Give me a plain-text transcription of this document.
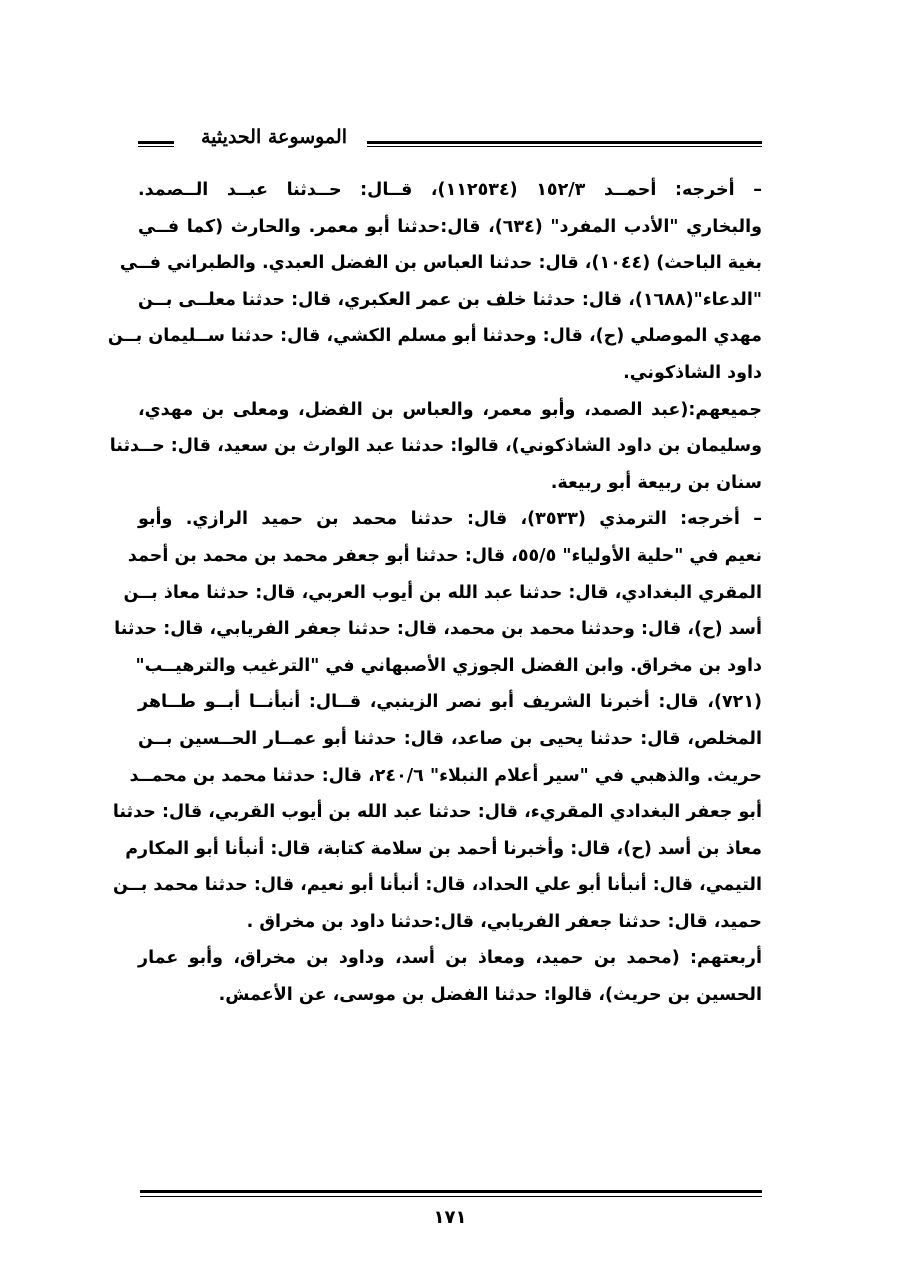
الموسوعة الحديثية
– أخرجه: أحمــد ١٥٢/٣ (١١٢٥٣٤)، قــال: حــدثنا عبــد الــصمد.
والبخاري "الأدب المفرد" (٦٣٤)، قال:حدثنا أبو معمر. والحارث (كما فــي
بغية الباحث) (١٠٤٤)، قال: حدثنا العباس بن الفضل العبدي. والطبراني فــي
"الدعاء"(١٦٨٨)، قال: حدثنا خلف بن عمر العكبري، قال: حدثنا معلــى بــن
مهدي الموصلي (ح)، قال: وحدثنا أبو مسلم الكشي، قال: حدثنا ســليمان بــن
داود الشاذكوني.
جميعهم:(عبد الصمد، وأبو معمر، والعباس بن الفضل، ومعلى بن مهدي،
وسليمان بن داود الشاذكوني)، قالوا: حدثنا عبد الوارث بن سعيد، قال: حــدثنا
سنان بن ربيعة أبو ربيعة.
– أخرجه: الترمذي (٣٥٣٣)، قال: حدثنا محمد بن حميد الرازي. وأبو
نعيم في "حلية الأولياء" ٥٥/٥، قال: حدثنا أبو جعفر محمد بن محمد بن أحمد
المقري البغدادي، قال: حدثنا عبد الله بن أيوب العربي، قال: حدثنا معاذ بــن
أسد (ح)، قال: وحدثنا محمد بن محمد، قال: حدثنا جعفر الفريابي، قال: حدثنا
داود بن مخراق. وابن الفضل الجوزي الأصبهاني في "الترغيب والترهيــب"
(٧٢١)، قال: أخبرنا الشريف أبو نصر الزينبي، قــال: أنبأنــا أبــو طــاهر
المخلص، قال: حدثنا يحيى بن صاعد، قال: حدثنا أبو عمــار الحــسين بــن
حريث. والذهبي في "سير أعلام النبلاء" ٢٤٠/٦، قال: حدثنا محمد بن محمــد
أبو جعفر البغدادي المقريء، قال: حدثنا عبد الله بن أيوب القربي، قال: حدثنا
معاذ بن أسد (ح)، قال: وأخبرنا أحمد بن سلامة كتابة، قال: أنبأنا أبو المكارم
التيمي، قال: أنبأنا أبو علي الحداد، قال: أنبأنا أبو نعيم، قال: حدثنا محمد بــن
حميد، قال: حدثنا جعفر الفريابي، قال:حدثنا داود بن مخراق .
أربعتهم: (محمد بن حميد، ومعاذ بن أسد، وداود بن مخراق، وأبو عمار
الحسين بن حريث)، قالوا: حدثنا الفضل بن موسى، عن الأعمش.
١٧١
